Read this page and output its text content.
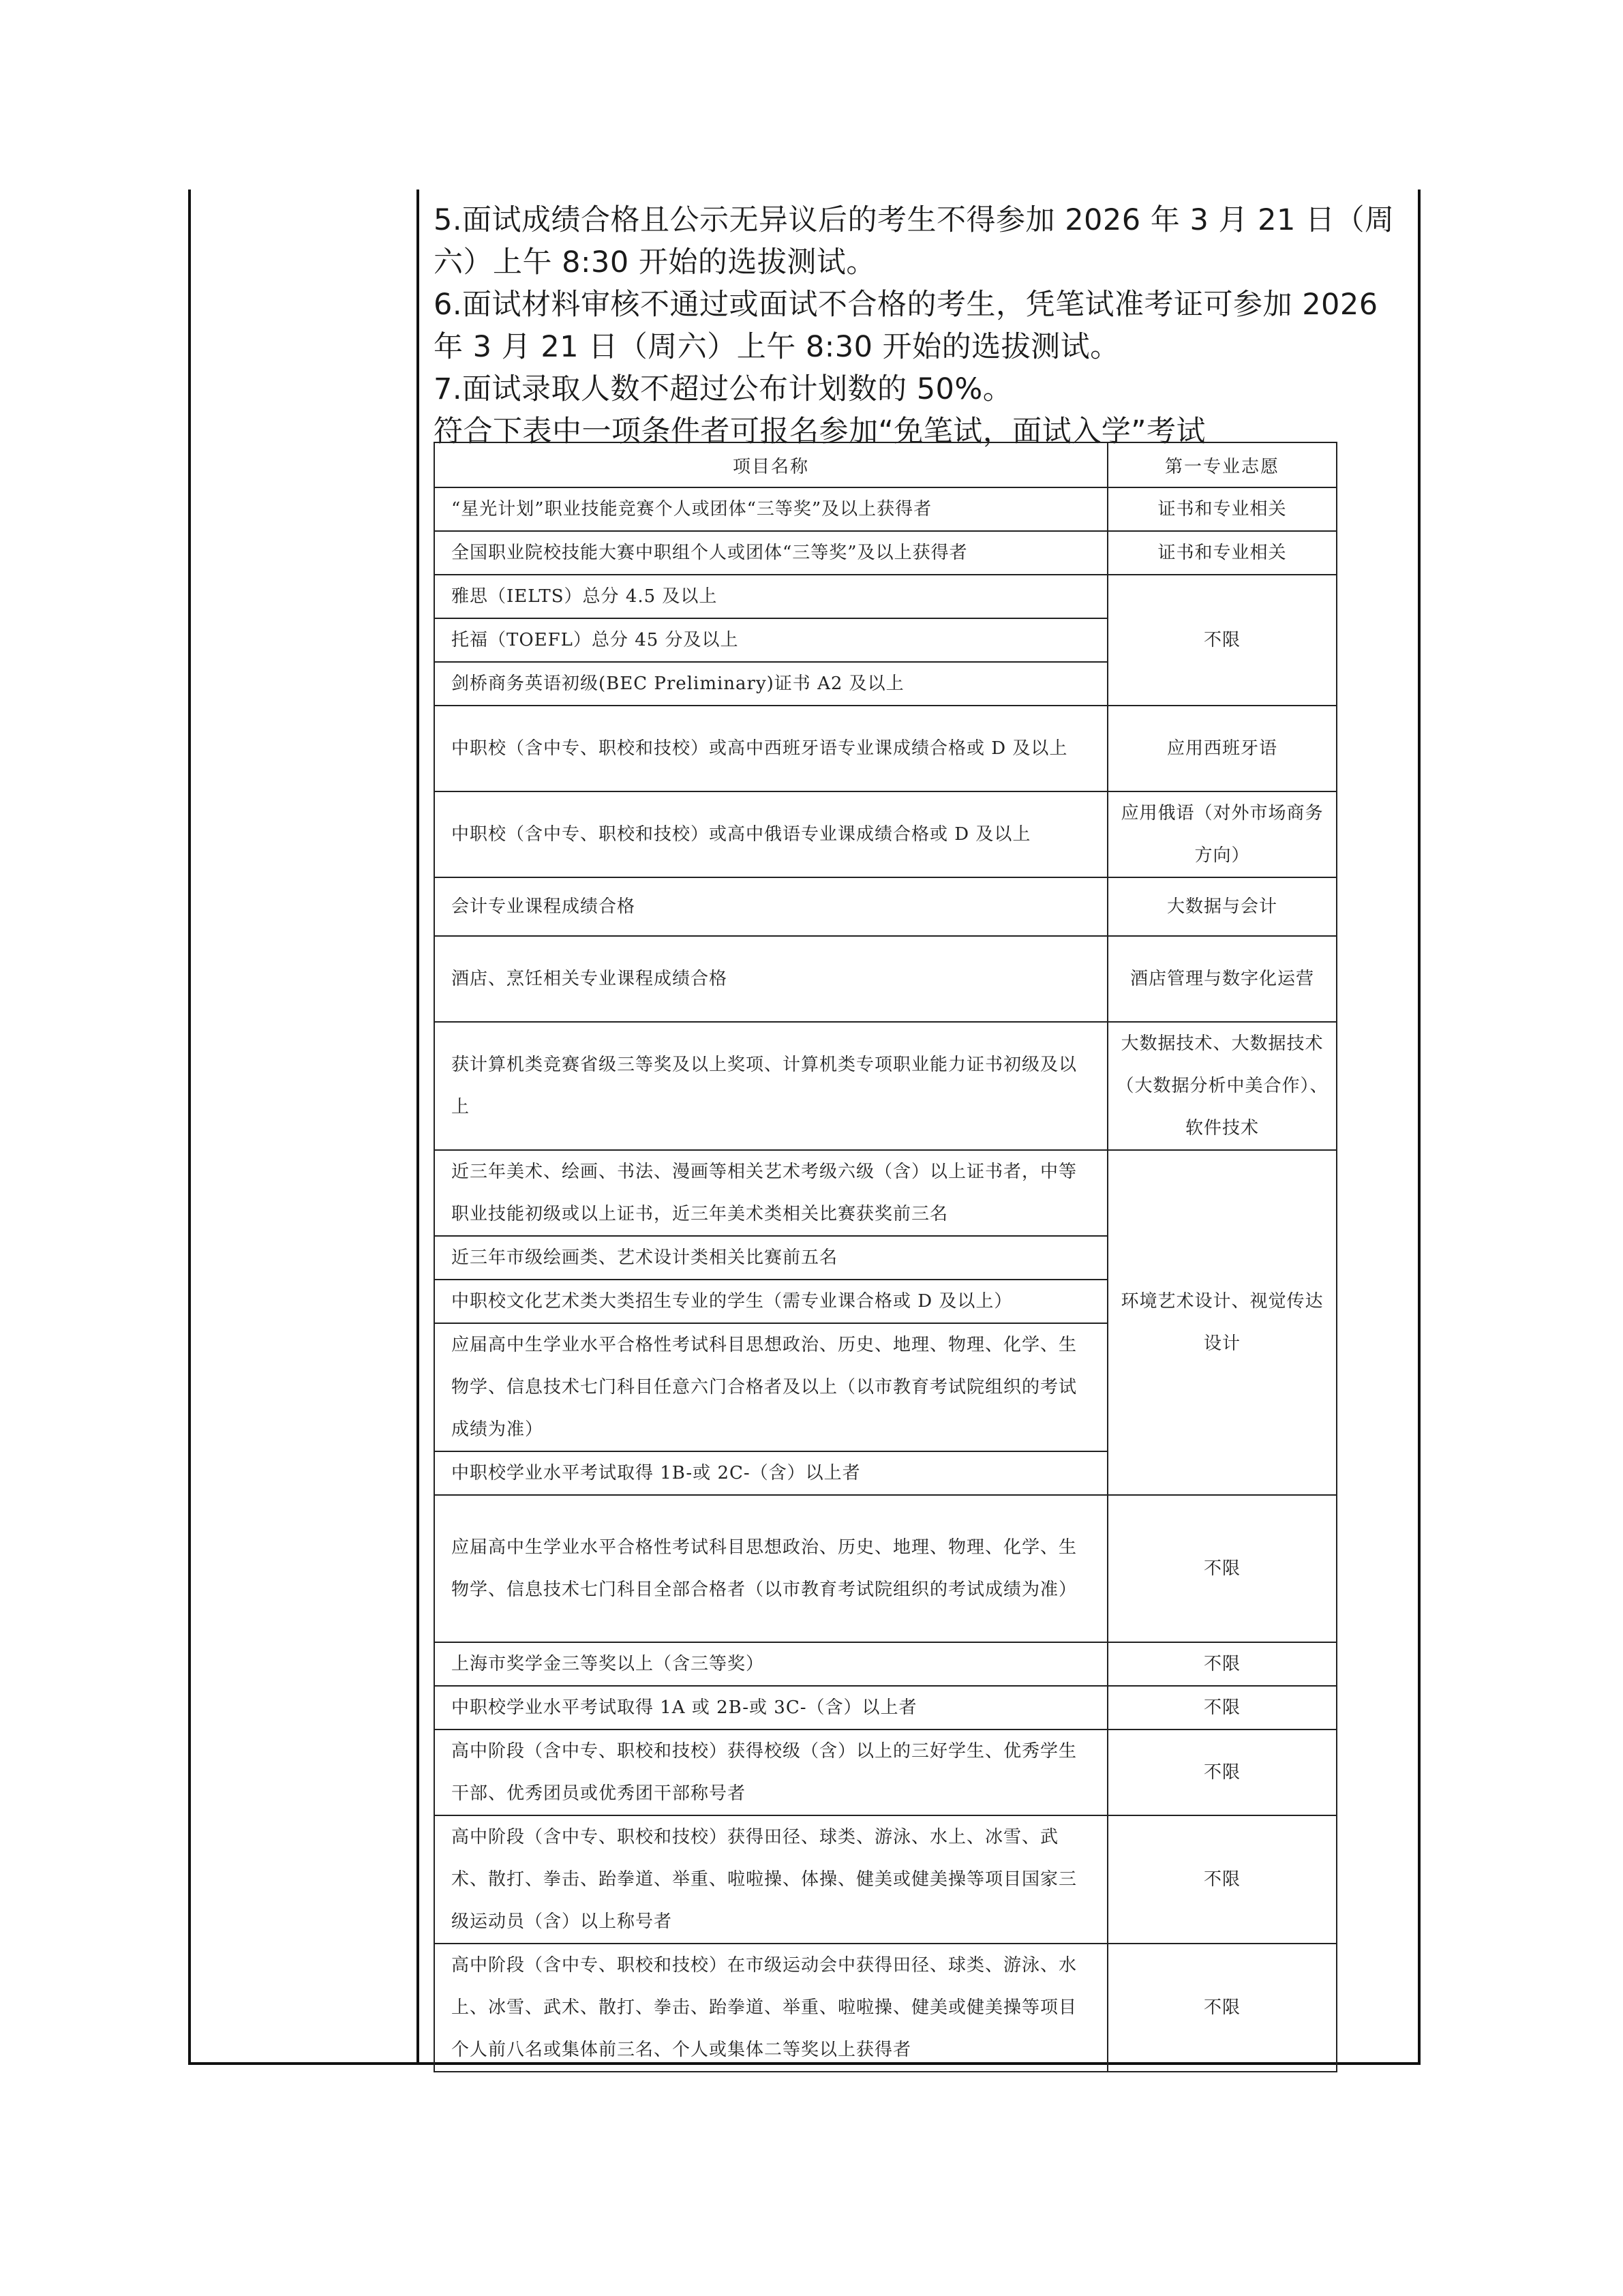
5.面试成绩合格且公示无异议后的考生不得参加 2026 年 3 月 21 日（周六）上午 8:30 开始的选拔测试。

6.面试材料审核不通过或面试不合格的考生，凭笔试准考证可参加 2026 年 3 月 21 日（周六）上午 8:30 开始的选拔测试。

7.面试录取人数不超过公布计划数的 50%。

符合下表中一项条件者可报名参加“免笔试，面试入学”考试

项目名称	第一专业志愿
“星光计划”职业技能竞赛个人或团体“三等奖”及以上获得者	证书和专业相关
全国职业院校技能大赛中职组个人或团体“三等奖”及以上获得者	证书和专业相关
雅思（IELTS）总分 4.5 及以上	不限
托福（TOEFL）总分 45 分及以上	
剑桥商务英语初级(BEC Preliminary)证书 A2 及以上	
中职校（含中专、职校和技校）或高中西班牙语专业课成绩合格或 D 及以上	应用西班牙语
中职校（含中专、职校和技校）或高中俄语专业课成绩合格或 D 及以上	应用俄语（对外市场商务方向）
会计专业课程成绩合格	大数据与会计
酒店、烹饪相关专业课程成绩合格	酒店管理与数字化运营
获计算机类竞赛省级三等奖及以上奖项、计算机类专项职业能力证书初级及以上	大数据技术、大数据技术（大数据分析中美合作）、软件技术
近三年美术、绘画、书法、漫画等相关艺术考级六级（含）以上证书者，中等职业技能初级或以上证书，近三年美术类相关比赛获奖前三名	环境艺术设计、视觉传达设计
近三年市级绘画类、艺术设计类相关比赛前五名	
中职校文化艺术类大类招生专业的学生（需专业课合格或 D 及以上）	
应届高中生学业水平合格性考试科目思想政治、历史、地理、物理、化学、生物学、信息技术七门科目任意六门合格者及以上（以市教育考试院组织的考试成绩为准）	
中职校学业水平考试取得 1B-或 2C-（含）以上者	
应届高中生学业水平合格性考试科目思想政治、历史、地理、物理、化学、生物学、信息技术七门科目全部合格者（以市教育考试院组织的考试成绩为准）	不限
上海市奖学金三等奖以上（含三等奖）	不限
中职校学业水平考试取得 1A 或 2B-或 3C-（含）以上者	不限
高中阶段（含中专、职校和技校）获得校级（含）以上的三好学生、优秀学生干部、优秀团员或优秀团干部称号者	不限
高中阶段（含中专、职校和技校）获得田径、球类、游泳、水上、冰雪、武术、散打、拳击、跆拳道、举重、啦啦操、体操、健美或健美操等项目国家三级运动员（含）以上称号者	不限
高中阶段（含中专、职校和技校）在市级运动会中获得田径、球类、游泳、水上、冰雪、武术、散打、拳击、跆拳道、举重、啦啦操、健美或健美操等项目个人前八名或集体前三名、个人或集体二等奖以上获得者	不限
